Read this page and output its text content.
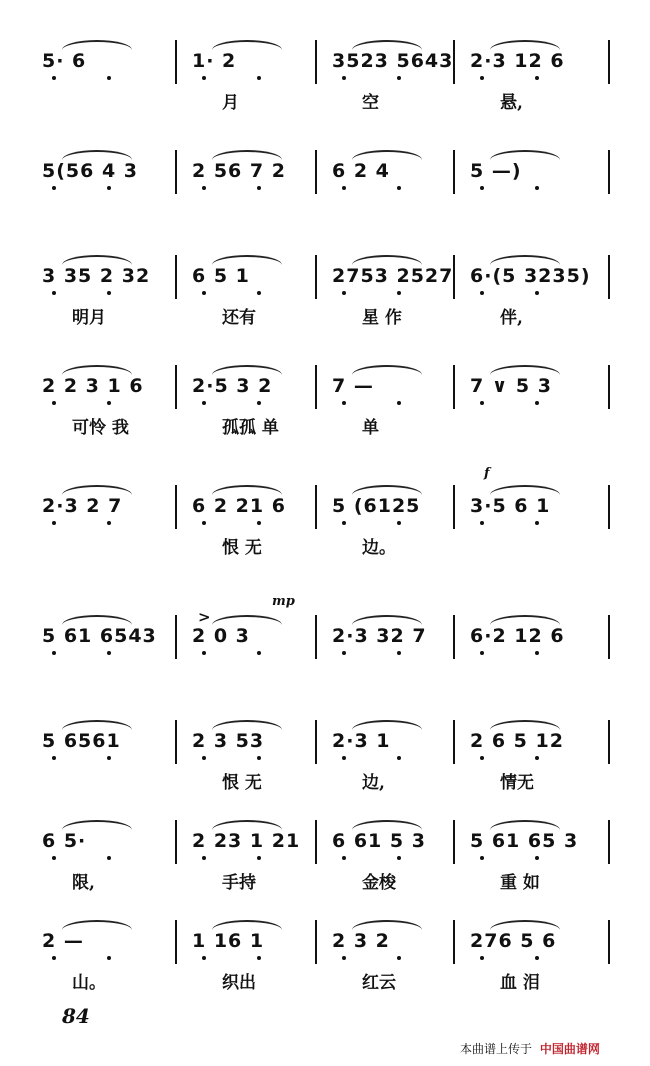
5· 6	1· 2
月
3523 5643
空
2·3 12 6
悬,
5(56 4 3	2 56 7 2 6 2 4	5 —)
3 35 2 32
明月
6 5 1
还有
2753 2527
星 作
6·(5 3235)
伴,
2 2 3 1 6
可怜 我
2·5 3 2
孤孤 单
7 —
单
7 ∨ 5 3
2·3 2 7	6 2 21 6
恨 无
5 (6125
边。
3·5 6 1
5 61 6543 2 0 3	2·3 32 7 6·2 12 6
5 6561	2 3 53
恨 无
2·3 1
边,
2 6 5 12
情无
6 5·
限,
2 23 1 21
手持
6 61 5 3
金梭
5 61 65 3
重 如
2 —
山。
1 16 1
织出
2 3 2
红云
276 5 6
血 泪
f
mp
>
84
本曲谱上传于 中国曲谱网
